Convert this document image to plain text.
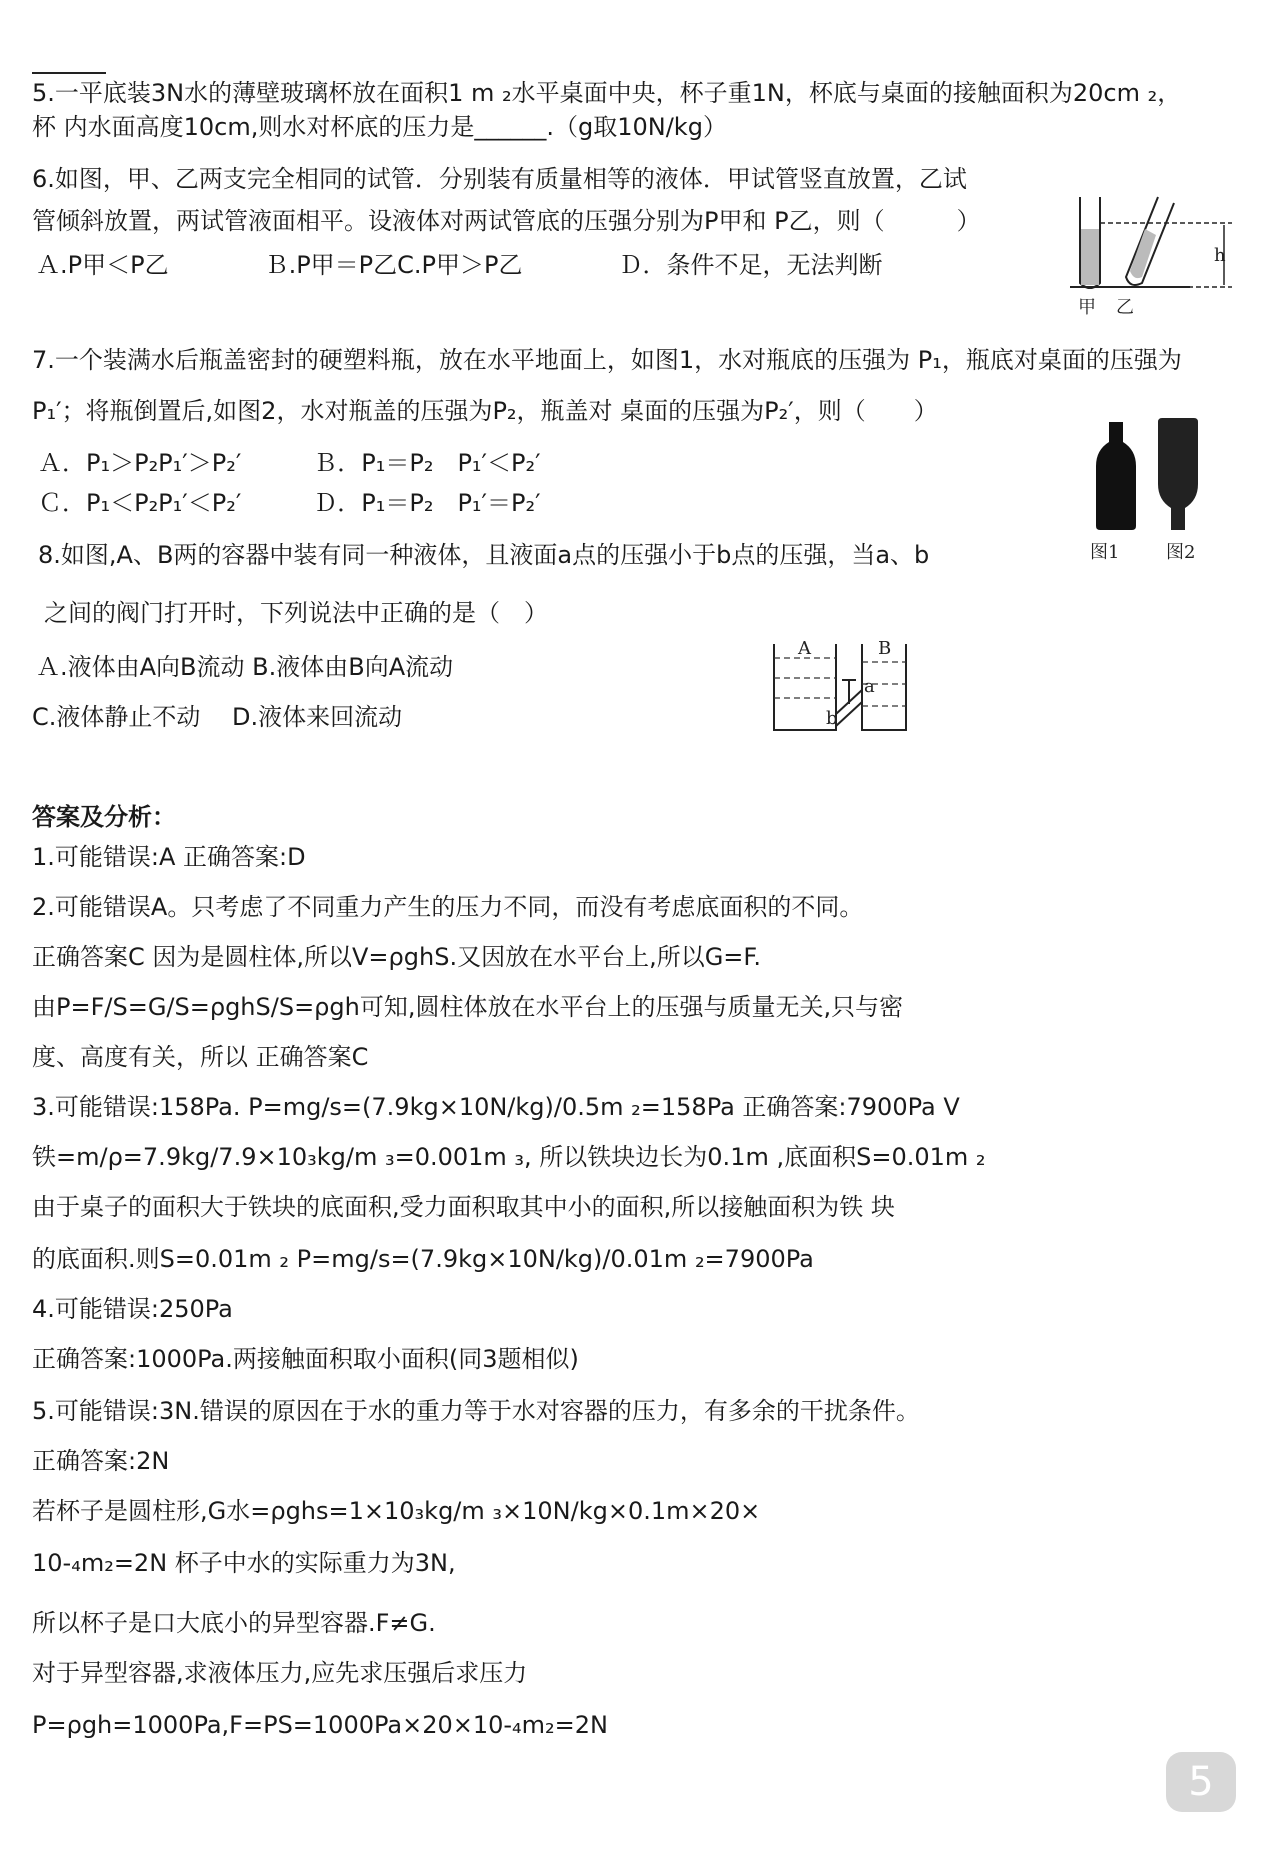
5.一平底装3N水的薄壁玻璃杯放在面积1 m ₂水平桌面中央，杯子重1N，杯底与桌面的接触面积为20cm ₂，
杯 内水面高度10cm,则水对杯底的压力是______.（g取10N/kg）
6.如图，甲、乙两支完全相同的试管．分别装有质量相等的液体．甲试管竖直放置，乙试
管倾斜放置，两试管液面相平。设液体对两试管底的压强分别为P甲和 P乙，则（　　　）
Ａ.P甲＜P乙　　　　Ｂ.P甲＝P乙C.P甲＞P乙　　　　Ｄ．条件不足，无法判断	h
甲 乙
7.一个装满水后瓶盖密封的硬塑料瓶，放在水平地面上，如图1，水对瓶底的压强为 P₁，瓶底对桌面的压强为
P₁′；将瓶倒置后,如图2，水对瓶盖的压强为P₂，瓶盖对 桌面的压强为P₂′，则（　　）
Ａ．P₁＞P₂P₁′＞P₂′　　　Ｂ．P₁＝P₂　P₁′＜P₂′
Ｃ．P₁＜P₂P₁′＜P₂′　　　Ｄ．P₁＝P₂　P₁′＝P₂′
图1	图2
8.如图,A、B两的容器中装有同一种液体，且液面a点的压强小于b点的压强，当a、b
之间的阀门打开时，下列说法中正确的是（　）
Ａ.液体由A向B流动 B.液体由B向A流动
C.液体静止不动　 D.液体来回流动
A	B
a
b
答案及分析：
1.可能错误:A 正确答案:D
2.可能错误A。只考虑了不同重力产生的压力不同，而没有考虑底面积的不同。
正确答案C 因为是圆柱体,所以V=ρghS.又因放在水平台上,所以G=F.
由P=F/S=G/S=ρghS/S=ρgh可知,圆柱体放在水平台上的压强与质量无关,只与密
度、高度有关，所以 正确答案C
3.可能错误:158Pa. P=mg/s=(7.9kg×10N/kg)/0.5m ₂=158Pa 正确答案:7900Pa V
铁=m/ρ=7.9kg/7.9×10₃kg/m ₃=0.001m ₃, 所以铁块边长为0.1m ,底面积S=0.01m ₂
由于桌子的面积大于铁块的底面积,受力面积取其中小的面积,所以接触面积为铁 块
的底面积.则S=0.01m ₂ P=mg/s=(7.9kg×10N/kg)/0.01m ₂=7900Pa
4.可能错误:250Pa
正确答案:1000Pa.两接触面积取小面积(同3题相似)
5.可能错误:3N.错误的原因在于水的重力等于水对容器的压力，有多余的干扰条件。
正确答案:2N
若杯子是圆柱形,G水=ρghs=1×10₃kg/m ₃×10N/kg×0.1m×20×
10-₄m₂=2N 杯子中水的实际重力为3N,
所以杯子是口大底小的异型容器.F≠G.
对于异型容器,求液体压力,应先求压强后求压力
P=ρgh=1000Pa,F=PS=1000Pa×20×10-₄m₂=2N
5
